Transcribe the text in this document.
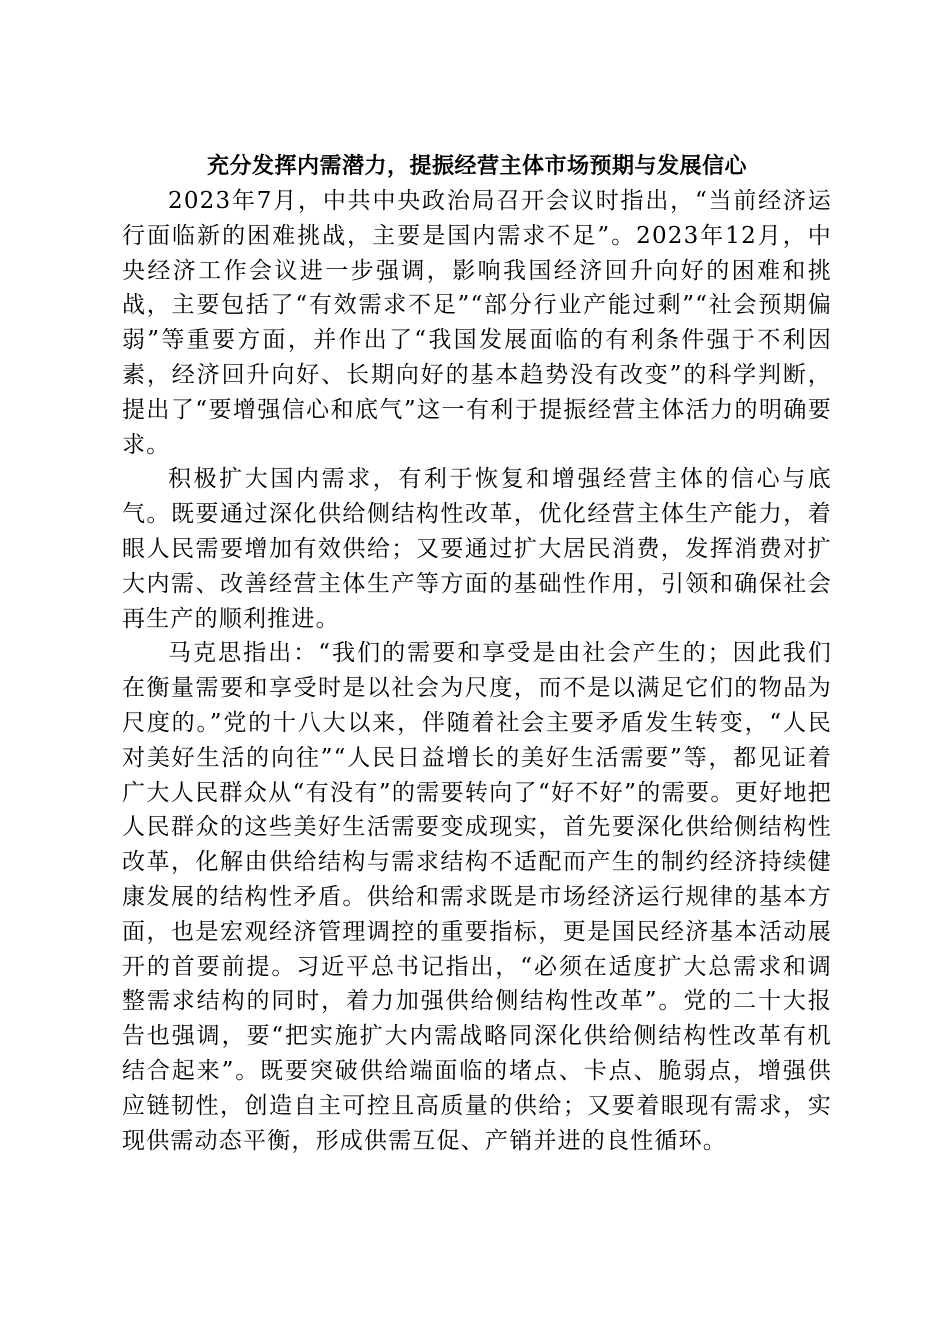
充分发挥内需潜力，提振经营主体市场预期与发展信心

2023年7月，中共中央政治局召开会议时指出，“当前经济运行面临新的困难挑战，主要是国内需求不足”。2023年12月，中央经济工作会议进一步强调，影响我国经济回升向好的困难和挑战，主要包括了“有效需求不足”“部分行业产能过剩”“社会预期偏弱”等重要方面，并作出了“我国发展面临的有利条件强于不利因素，经济回升向好、长期向好的基本趋势没有改变”的科学判断，提出了“要增强信心和底气”这一有利于提振经营主体活力的明确要求。

积极扩大国内需求，有利于恢复和增强经营主体的信心与底气。既要通过深化供给侧结构性改革，优化经营主体生产能力，着眼人民需要增加有效供给；又要通过扩大居民消费，发挥消费对扩大内需、改善经营主体生产等方面的基础性作用，引领和确保社会再生产的顺利推进。

马克思指出：“我们的需要和享受是由社会产生的；因此我们在衡量需要和享受时是以社会为尺度，而不是以满足它们的物品为尺度的。”党的十八大以来，伴随着社会主要矛盾发生转变，“人民对美好生活的向往”“人民日益增长的美好生活需要”等，都见证着广大人民群众从“有没有”的需要转向了“好不好”的需要。更好地把人民群众的这些美好生活需要变成现实，首先要深化供给侧结构性改革，化解由供给结构与需求结构不适配而产生的制约经济持续健康发展的结构性矛盾。供给和需求既是市场经济运行规律的基本方面，也是宏观经济管理调控的重要指标，更是国民经济基本活动展开的首要前提。习近平总书记指出，“必须在适度扩大总需求和调整需求结构的同时，着力加强供给侧结构性改革”。党的二十大报告也强调，要“把实施扩大内需战略同深化供给侧结构性改革有机结合起来”。既要突破供给端面临的堵点、卡点、脆弱点，增强供应链韧性，创造自主可控且高质量的供给；又要着眼现有需求，实现供需动态平衡，形成供需互促、产销并进的良性循环。
